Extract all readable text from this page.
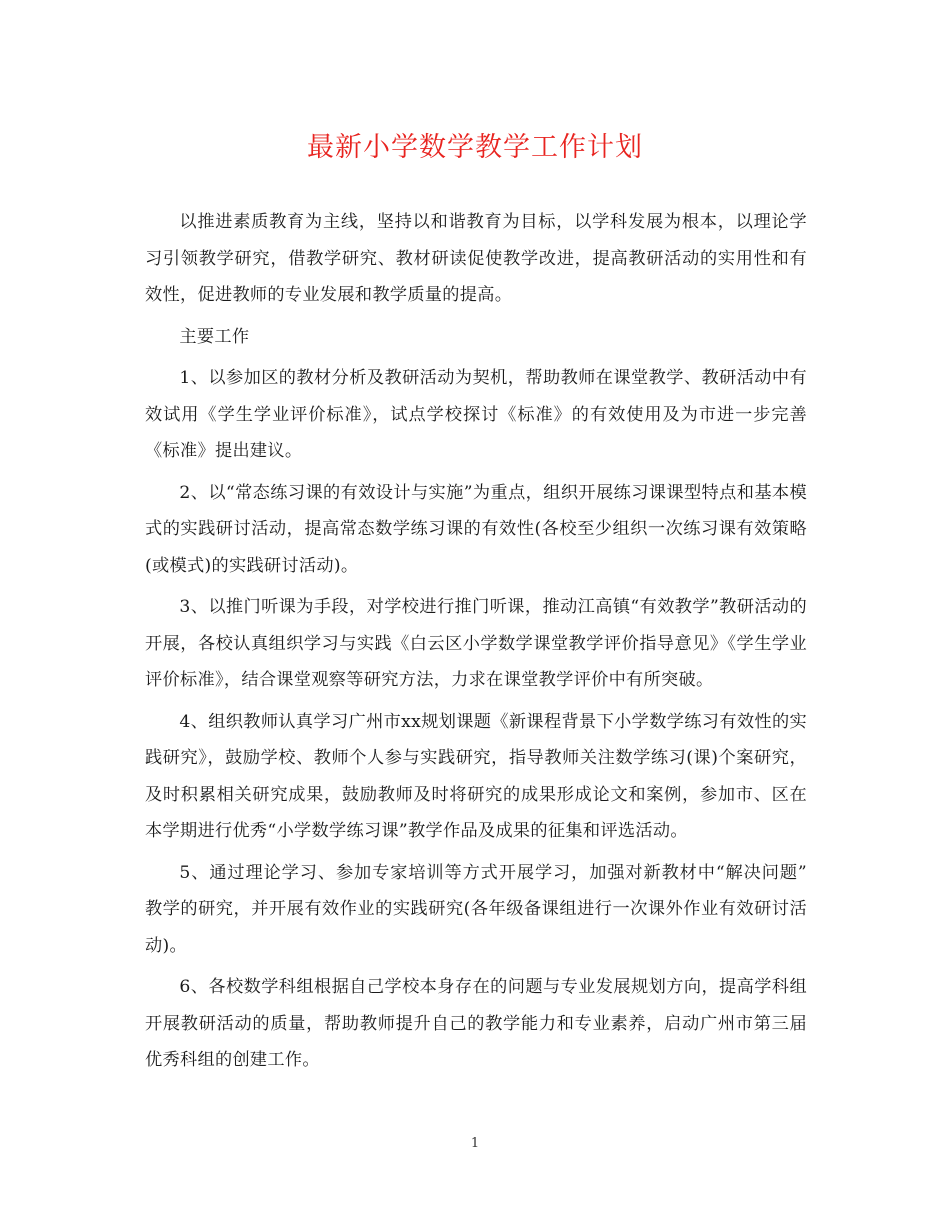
最新小学数学教学工作计划

以推进素质教育为主线，坚持以和谐教育为目标，以学科发展为根本，以理论学习引领教学研究，借教学研究、教材研读促使教学改进，提高教研活动的实用性和有效性，促进教师的专业发展和教学质量的提高。

主要工作

1、以参加区的教材分析及教研活动为契机，帮助教师在课堂教学、教研活动中有效试用《学生学业评价标准》，试点学校探讨《标准》的有效使用及为市进一步完善《标准》提出建议。

2、以“常态练习课的有效设计与实施”为重点，组织开展练习课课型特点和基本模式的实践研讨活动，提高常态数学练习课的有效性(各校至少组织一次练习课有效策略(或模式)的实践研讨活动)。

3、以推门听课为手段，对学校进行推门听课，推动江高镇“有效教学”教研活动的开展，各校认真组织学习与实践《白云区小学数学课堂教学评价指导意见》《学生学业评价标准》，结合课堂观察等研究方法，力求在课堂教学评价中有所突破。

4、组织教师认真学习广州市xx规划课题《新课程背景下小学数学练习有效性的实践研究》，鼓励学校、教师个人参与实践研究，指导教师关注数学练习(课)个案研究，及时积累相关研究成果，鼓励教师及时将研究的成果形成论文和案例，参加市、区在本学期进行优秀“小学数学练习课”教学作品及成果的征集和评选活动。

5、通过理论学习、参加专家培训等方式开展学习，加强对新教材中“解决问题” 教学的研究，并开展有效作业的实践研究(各年级备课组进行一次课外作业有效研讨活动)。

6、各校数学科组根据自己学校本身存在的问题与专业发展规划方向，提高学科组开展教研活动的质量，帮助教师提升自己的教学能力和专业素养，启动广州市第三届优秀科组的创建工作。

1
